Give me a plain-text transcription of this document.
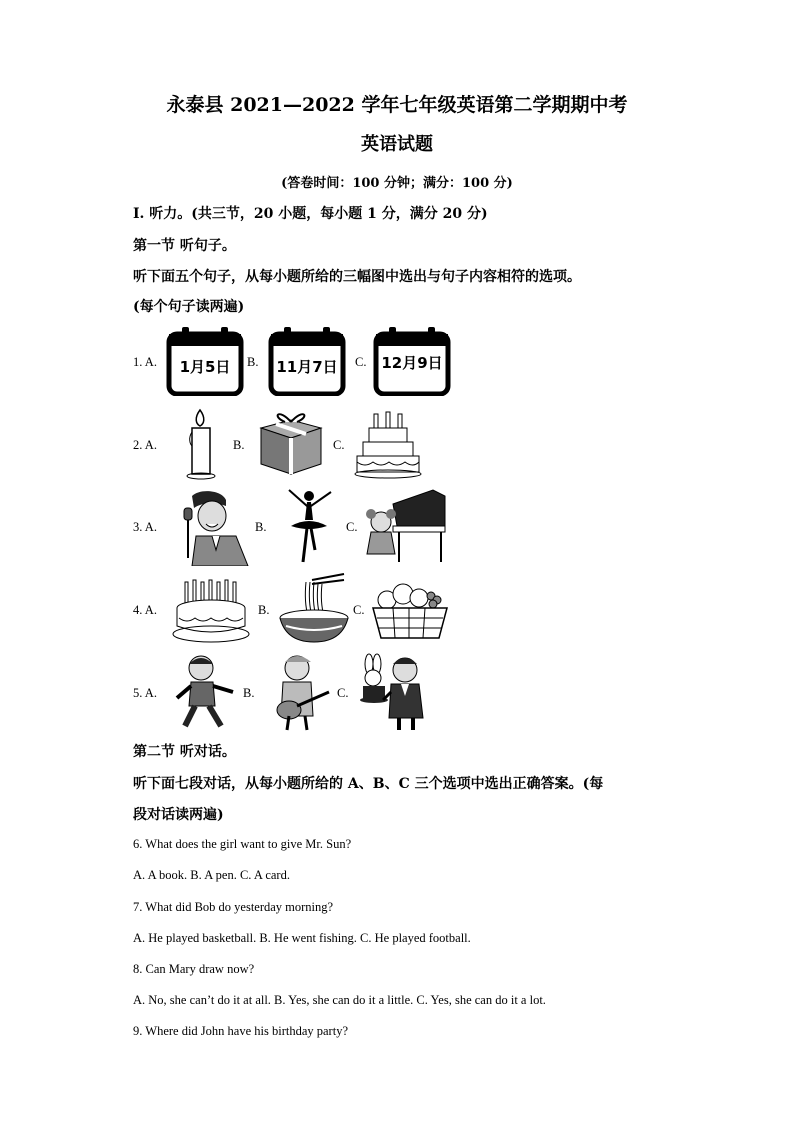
永泰县 2021—2022 学年七年级英语第二学期期中考
英语试题
(答卷时间：100 分钟；满分：100 分)
Ⅰ. 听力。(共三节，20 小题，每小题 1 分，满分 20 分)
第一节 听句子。
听下面五个句子，从每小题所给的三幅图中选出与句子内容相符的选项。
(每个句子读两遍)
1. A. 1月5日 B. 11月7日 C. 12月9日
2. A.	B.	C.
3. A.	B.	C.
4. A.	B.	C.
5. A.	B.	C.
第二节 听对话。
听下面七段对话，从每小题所给的 A、B、C 三个选项中选出正确答案。(每
段对话读两遍)
6. What does the girl want to give Mr. Sun?
A. A book. B. A pen. C. A card.
7. What did Bob do yesterday morning?
A. He played basketball. B. He went fishing. C. He played football.
8. Can Mary draw now?
A. No, she can’t do it at all. B. Yes, she can do it a little. C. Yes, she can do it a lot.
9. Where did John have his birthday party?
